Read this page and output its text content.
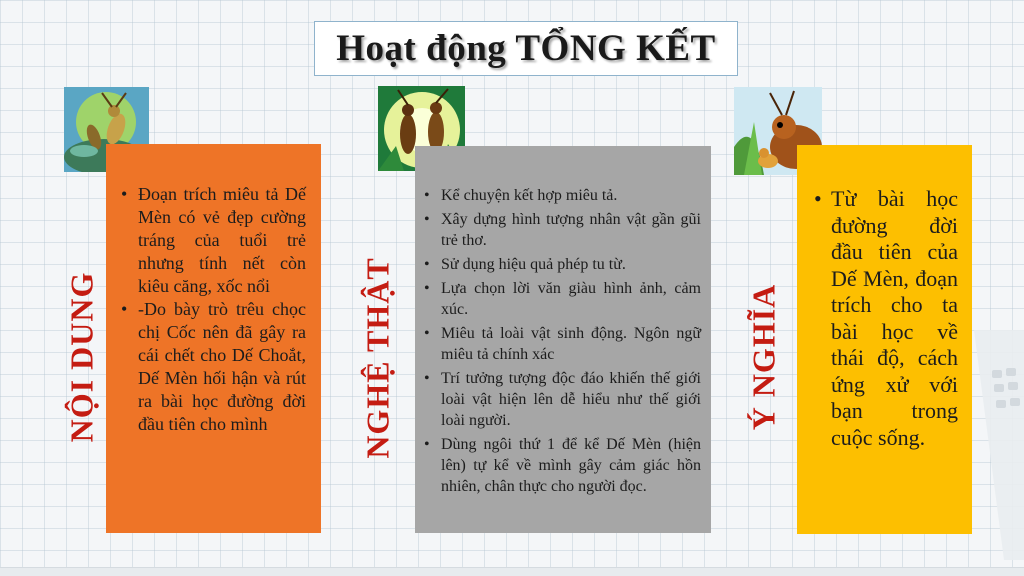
Hoạt động TỔNG KẾT
NỘI DUNG
• Đoạn trích miêu tả Dế Mèn có vẻ đẹp cường tráng của tuổi trẻ nhưng tính nết còn kiêu căng, xốc nổi
• -Do bày trò trêu chọc chị Cốc nên đã gây ra cái chết cho Dế Choắt, Dế Mèn hối hận và rút ra bài học đường đời đầu tiên cho mình	NGHỆ THẬT
• Kể chuyện kết hợp miêu tả.
• Xây dựng hình tượng nhân vật gần gũi trẻ thơ.
• Sử dụng hiệu quả phép tu từ.
• Lựa chọn lời văn giàu hình ảnh, cảm xúc.
• Miêu tả loài vật sinh động. Ngôn ngữ miêu tả chính xác
• Trí tưởng tượng độc đáo khiến thế giới loài vật hiện lên dễ hiểu như thế giới loài người.
• Dùng ngôi thứ 1 để kể Dế Mèn (hiện lên) tự kể về mình gây cảm giác hồn nhiên, chân thực cho người đọc.
Ý NGHĨA
• Từ bài học đường đời đầu tiên của Dế Mèn, đoạn trích cho ta bài học về thái độ, cách ứng xử với bạn trong cuộc sống.
